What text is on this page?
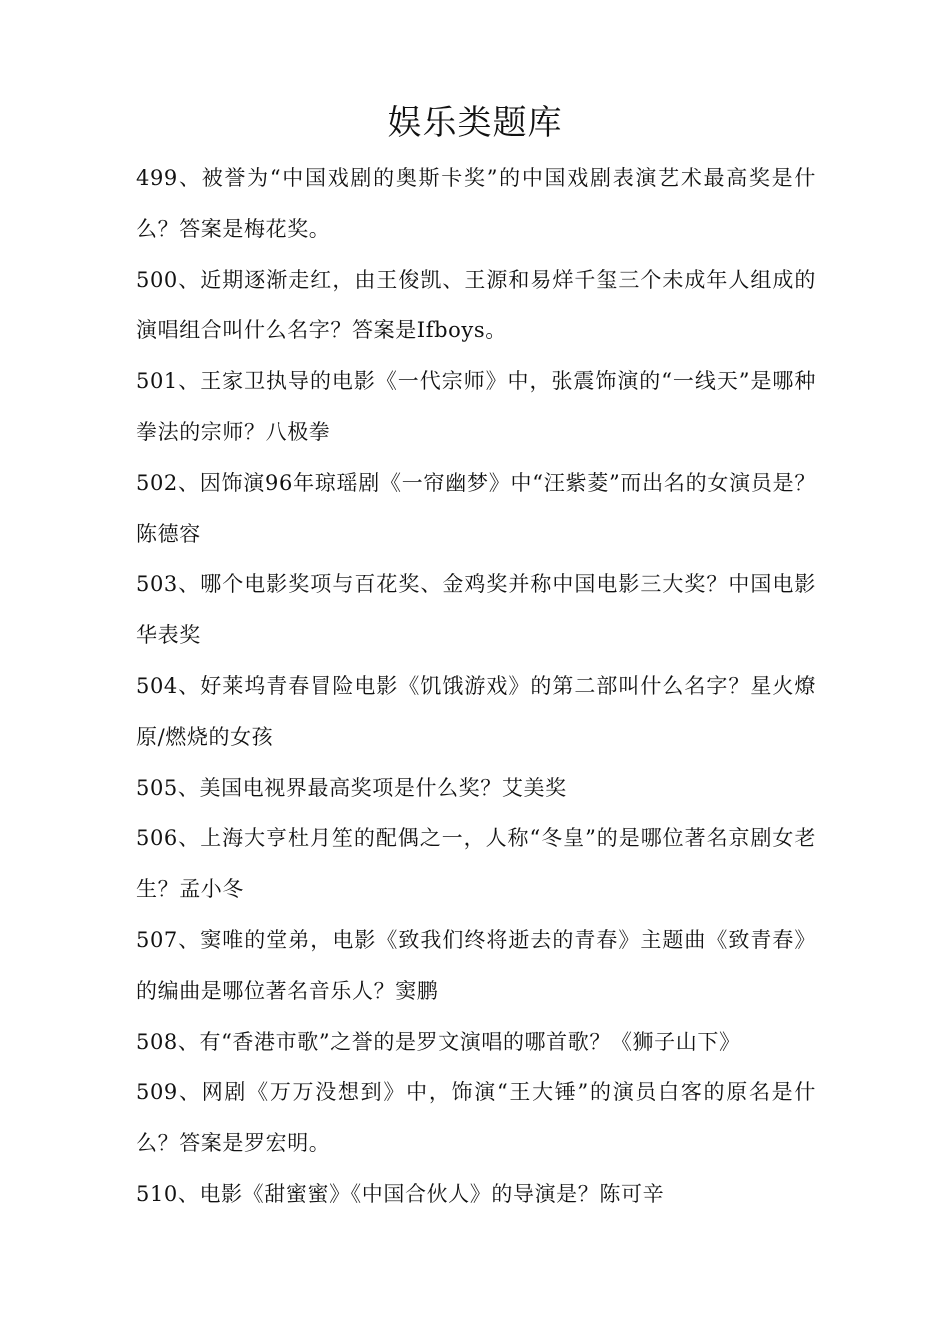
娱乐类题库

499、被誉为“中国戏剧的奥斯卡奖”的中国戏剧表演艺术最高奖是什么？答案是梅花奖。

500、近期逐渐走红，由王俊凯、王源和易烊千玺三个未成年人组成的演唱组合叫什么名字？答案是Ifboys。

501、王家卫执导的电影《一代宗师》中，张震饰演的“一线天”是哪种拳法的宗师？八极拳

502、因饰演96年琼瑶剧《一帘幽梦》中“汪紫菱”而出名的女演员是？陈德容

503、哪个电影奖项与百花奖、金鸡奖并称中国电影三大奖？中国电影华表奖

504、好莱坞青春冒险电影《饥饿游戏》的第二部叫什么名字？星火燎原/燃烧的女孩

505、美国电视界最高奖项是什么奖？艾美奖

506、上海大亨杜月笙的配偶之一，人称“冬皇”的是哪位著名京剧女老生？孟小冬

507、窦唯的堂弟，电影《致我们终将逝去的青春》主题曲《致青春》的编曲是哪位著名音乐人？窦鹏

508、有“香港市歌”之誉的是罗文演唱的哪首歌？《狮子山下》

509、网剧《万万没想到》中，饰演“王大锤”的演员白客的原名是什么？答案是罗宏明。

510、电影《甜蜜蜜》《中国合伙人》的导演是？陈可辛
